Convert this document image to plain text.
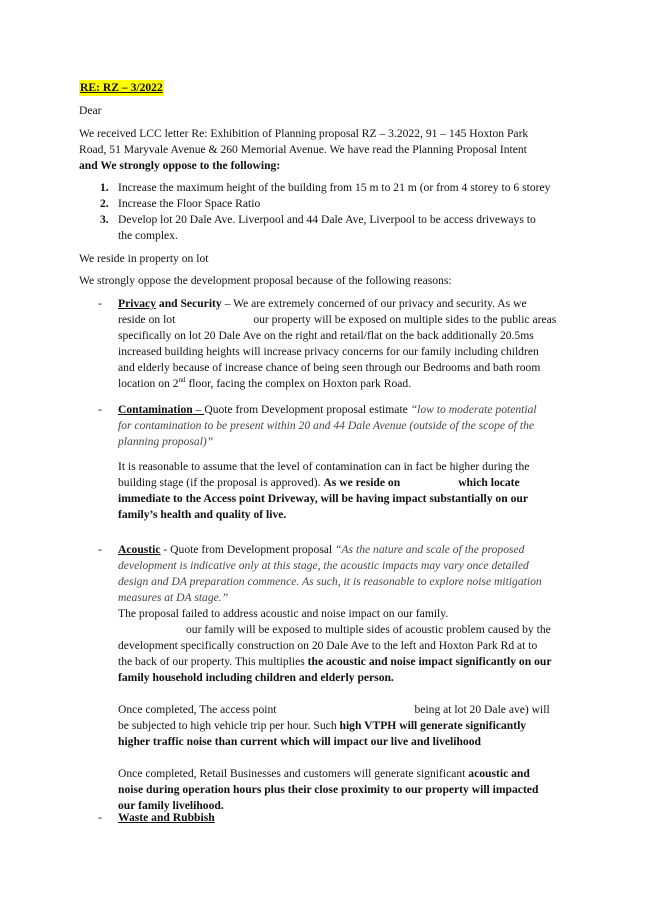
RE: RZ – 3/2022
Dear
We received LCC letter Re: Exhibition of Planning proposal RZ – 3.2022, 91 – 145 Hoxton Park
Road, 51 Maryvale Avenue & 260 Memorial Avenue. We have read the Planning Proposal Intent
and We strongly oppose to the following:
1. Increase the maximum height of the building from 15 m to 21 m (or from 4 storey to 6 storey
2. Increase the Floor Space Ratio
3. Develop lot 20 Dale Ave. Liverpool and 44 Dale Ave, Liverpool to be access driveways to
the complex.
We reside in property on lot
We strongly oppose the development proposal because of the following reasons:
- Privacy and Security – We are extremely concerned of our privacy and security. As we
reside on lot	our property will be exposed on multiple sides to the public areas
specifically on lot 20 Dale Ave on the right and retail/flat on the back additionally 20.5ms
increased building heights will increase privacy concerns for our family including children
and elderly because of increase chance of being seen through our Bedrooms and bath room
location on 2nd floor, facing the complex on Hoxton park Road.
- Contamination – Quote from Development proposal estimate “low to moderate potential
for contamination to be present within 20 and 44 Dale Avenue (outside of the scope of the
planning proposal)”
It is reasonable to assume that the level of contamination can in fact be higher during the
building stage (if the proposal is approved). As we reside on	which locate
immediate to the Access point Driveway, will be having impact substantially on our
family’s health and quality of live.
- Acoustic - Quote from Development proposal “As the nature and scale of the proposed
development is indicative only at this stage, the acoustic impacts may vary once detailed
design and DA preparation commence. As such, it is reasonable to explore noise mitigation
measures at DA stage.”
The proposal failed to address acoustic and noise impact on our family.
our family will be exposed to multiple sides of acoustic problem caused by the
development specifically construction on 20 Dale Ave to the left and Hoxton Park Rd at to
the back of our property. This multiplies the acoustic and noise impact significantly on our
family household including children and elderly person.
Once completed, The access point	being at lot 20 Dale ave) will
be subjected to high vehicle trip per hour. Such high VTPH will generate significantly
higher traffic noise than current which will impact our live and livelihood
Once completed, Retail Businesses and customers will generate significant acoustic and
noise during operation hours plus their close proximity to our property will impacted
our family livelihood.
- Waste and Rubbish
